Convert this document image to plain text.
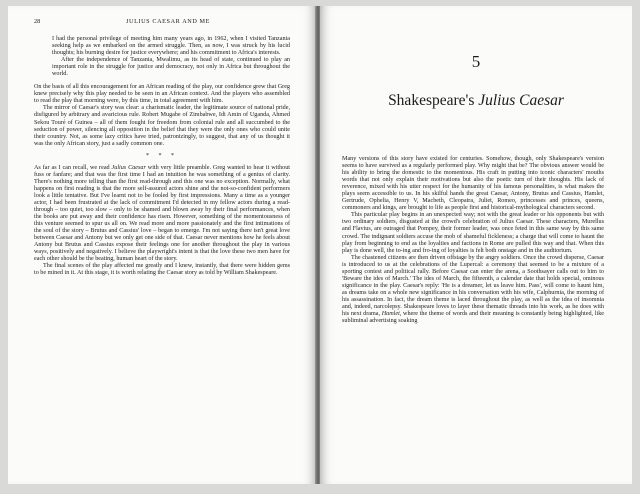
28	JULIUS CAESAR AND ME

I had the personal privilege of meeting him many years ago, in 1962, when I visited Tanzania seeking help as we embarked on the armed struggle. Then, as now, I was struck by his lucid thoughts; his burning desire for justice everywhere; and his commitment to Africa's interests.

After the independence of Tanzania, Mwalimu, as its head of state, continued to play an important role in the struggle for justice and democracy, not only in Africa but throughout the world.

On the basis of all this encouragement for an African reading of the play, our confidence grew that Greg knew precisely why this play needed to be seen in an African context. And the players who assembled to read the play that morning were, by this time, in total agreement with him.

The mirror of Caesar's story was clear: a charismatic leader, the legitimate source of national pride, disfigured by arbitrary and avaricious rule. Robert Mugabe of Zimbabwe, Idi Amin of Uganda, Ahmed Sekou Touré of Guinea – all of them fought for freedom from colonial rule and all succumbed to the seduction of power, silencing all opposition in the belief that they were the only ones who could unite their country. Not, as some lazy critics have tried, patronizingly, to suggest, that any of us thought it was the only African story, just a sadly common one.

* * *

As far as I can recall, we read Julius Caesar with very little preamble. Greg wanted to hear it without fuss or fanfare; and that was the first time I had an intuition he was something of a genius of clarity. There's nothing more telling than the first read-through and this one was no exception. Normally, what happens on first reading is that the more self-assured actors shine and the not-so-confident performers look a little tentative. But I've learnt not to be fooled by first impressions. Many a time as a younger actor, I had been frustrated at the lack of commitment I'd detected in my fellow actors during a read-through – too quiet, too slow – only to be shamed and blown away by their final performances, when the books are put away and their confidence has risen. However, something of the momentousness of this venture seemed to spur us all on. We read more and more passionately and the first intimations of the soul of the story – Brutus and Cassius' love – began to emerge. I'm not saying there isn't great love between Caesar and Antony but we only get one side of that. Caesar never mentions how he feels about Antony but Brutus and Cassius expose their feelings one for another throughout the play in various ways, positively and negatively. I believe the playwright's intent is that the love these two men have for each other should be the beating, human heart of the story.

The final scenes of the play affected me greatly and I knew, instantly, that there were hidden gems to be mined in it. At this stage, it is worth relating the Caesar story as told by William Shakespeare.

5
Shakespeare's Julius Caesar

Many versions of this story have existed for centuries. Somehow, though, only Shakespeare's version seems to have survived as a regularly performed play. Why might that be? The obvious answer would be his ability to bring the domestic to the momentous. His craft in putting into iconic characters' mouths words that not only explain their motivations but also the poetic turn of their thoughts. His lack of reverence, mixed with his utter respect for the humanity of his famous personalities, is what makes the plays seem accessible to us. In his skilful hands the great Caesar, Antony, Brutus and Cassius, Hamlet, Gertrude, Ophelia, Henry V, Macbeth, Cleopatra, Juliet, Romeo, princesses and princes, queens, commoners and kings, are brought to life as people first and historical-mythological characters second.

This particular play begins in an unexpected way; not with the great leader or his opponents but with two ordinary soldiers, disgusted at the crowd's celebration of Julius Caesar. These characters, Murellus and Flavius, are outraged that Pompey, their former leader, was once feted in this same way by this same crowd. The indignant soldiers accuse the mob of shameful fickleness; a charge that will come to haunt the play from beginning to end as the loyalties and factions in Rome are pulled this way and that. When this play is done well, the to-ing and fro-ing of loyalties is felt both onstage and in the auditorium.

The chastened citizens are then driven offstage by the angry soldiers. Once the crowd disperse, Caesar is introduced to us at the celebrations of the Lupercal: a ceremony that seemed to be a mixture of a sporting contest and political rally. Before Caesar can enter the arena, a Soothsayer calls out to him to 'Beware the ides of March.' The ides of March, the fifteenth, a calendar date that holds special, ominous significance in the play. Caesar's reply: 'He is a dreamer, let us leave him. Pass', will come to haunt him, as dreams take on a whole new significance in his conversation with his wife, Calphurnia, the morning of his assassination. In fact, the dream theme is laced throughout the play, as well as the idea of insomnia and, indeed, narcolepsy. Shakespeare loves to layer these thematic threads into his work, as he does with his next drama, Hamlet, where the theme of words and their meaning is constantly being highlighted, like subliminal advertising soaking
